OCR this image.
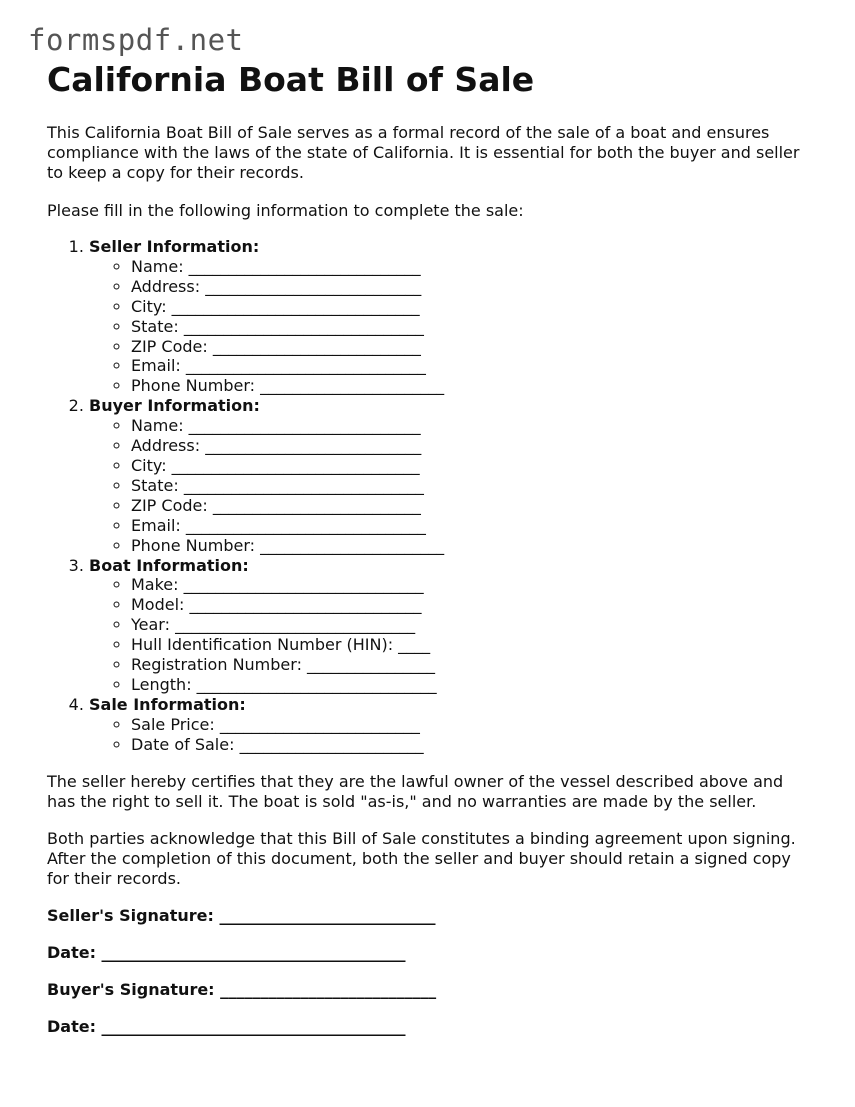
formspdf.net
California Boat Bill of Sale

This California Boat Bill of Sale serves as a formal record of the sale of a boat and ensures compliance with the laws of the state of California. It is essential for both the buyer and seller to keep a copy for their records.

Please fill in the following information to complete the sale:

1. Seller Information:
◦ Name: _____________________________
◦ Address: ___________________________
◦ City: _______________________________
◦ State: ______________________________
◦ ZIP Code: __________________________
◦ Email: ______________________________
◦ Phone Number: _______________________
2. Buyer Information:
◦ Name: _____________________________
◦ Address: ___________________________
◦ City: _______________________________
◦ State: ______________________________
◦ ZIP Code: __________________________
◦ Email: ______________________________
◦ Phone Number: _______________________
3. Boat Information:
◦ Make: ______________________________
◦ Model: _____________________________
◦ Year: ______________________________
◦ Hull Identification Number (HIN): ____
◦ Registration Number: ________________
◦ Length: ______________________________
4. Sale Information:
◦ Sale Price: _________________________
◦ Date of Sale: _______________________

The seller hereby certifies that they are the lawful owner of the vessel described above and has the right to sell it. The boat is sold "as-is," and no warranties are made by the seller.

Both parties acknowledge that this Bill of Sale constitutes a binding agreement upon signing. After the completion of this document, both the seller and buyer should retain a signed copy for their records.

Seller's Signature: ___________________________

Date: ______________________________________

Buyer's Signature: ___________________________

Date: ______________________________________
